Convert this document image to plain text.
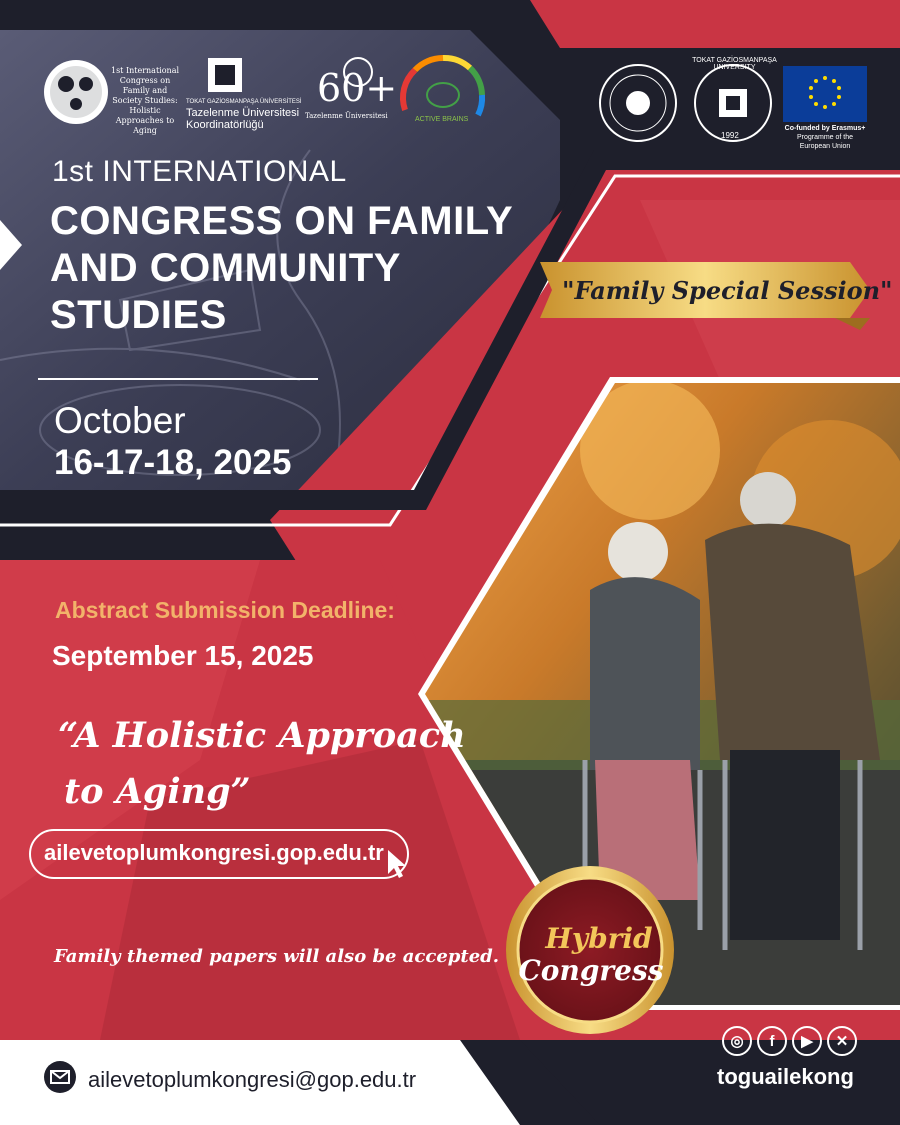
1st International Congress on Family and Society Studies: Holistic Approaches to Aging
TOKAT GAZİOSMANPAŞA ÜNİVERSİTESİ
Tazelenme Üniversitesi
Koordinatörlüğü
60+
Tazelenme Üniversitesi	ACTIVE BRAINS
TOKAT GAZİOSMANPAŞA UNIVERSITY
1992
Co-funded by Erasmus+
Programme of the
European Union
1st INTERNATIONAL
CONGRESS ON FAMILY
AND COMMUNITY
STUDIES
October
16-17-18, 2025
"Family Special Session"
Abstract Submission Deadline:
September 15, 2025
“A Holistic Approach
to Aging”
ailevetoplumkongresi.gop.edu.tr
Family themed papers will also be accepted.
Hybrid
Congress
ailevetoplumkongresi@gop.edu.tr
◎	f	▶	✕
toguailekong
